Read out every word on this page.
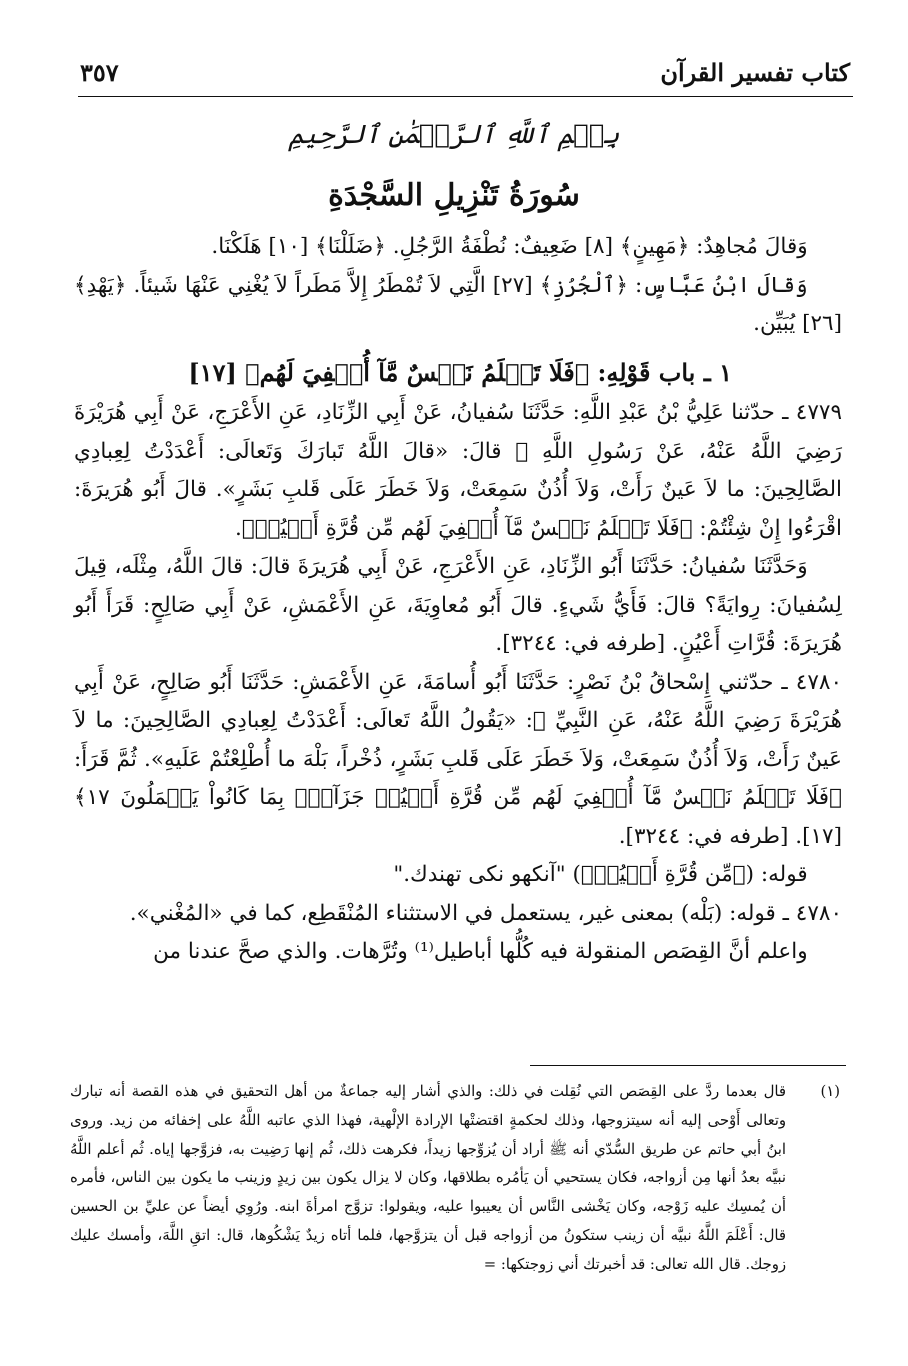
كتاب تفسير القرآن
٣٥٧
بِسۡمِ ٱللَّهِ ٱلرَّحۡمَٰنِ ٱلرَّحِيمِ
سُورَةُ تَنْزِيلِ السَّجْدَةِ

وَقالَ مُجاهِدٌ: ﴿مَهِينٍ﴾ [٨] ضَعِيفٌ: نُطْفَةُ الرَّجُلِ. ﴿ضَلَلْنَا﴾ [١٠] هَلَكْنَا.

وَقالَ ابْنُ عَبَّاسٍ: ﴿ٱلْجُرُزِ﴾ [٢٧] الَّتِي لاَ تُمْطَرُ إِلاَّ مَطَراً لاَ يُغْنِي عَنْهَا شَيئاً. ﴿يَهْدِ﴾ [٢٦] يُبَيِّن.

١ ـ باب قَوْلِهِ: ﴿فَلَا تَعۡلَمُ نَفۡسٌ مَّآ أُخۡفِيَ لَهُم﴾ [١٧]

٤٧٧٩ ـ حدّثنا عَلِيُّ بْنُ عَبْدِ اللَّهِ: حَدَّثَنَا سُفيانُ، عَنْ أَبِي الزِّنَادِ، عَنِ الأَعْرَجِ، عَنْ أَبِي هُرَيْرَةَ رَضِيَ اللَّهُ عَنْهُ، عَنْ رَسُولِ اللَّهِ ﷺ قالَ: «قالَ اللَّهُ تَبارَكَ وَتَعالَى: أَعْدَدْتُ لِعِبادِي الصَّالِحِينَ: ما لاَ عَينٌ رَأَتْ، وَلاَ أُذُنٌ سَمِعَتْ، وَلاَ خَطَرَ عَلَى قَلبِ بَشَرٍ». قالَ أَبُو هُرَيرَةَ: اقْرَءُوا إِنْ شِئْتُمْ: ﴿فَلَا تَعۡلَمُ نَفۡسٌ مَّآ أُخۡفِيَ لَهُم مِّن قُرَّةِ أَعۡيُنٖ﴾.

وَحَدَّثَنَا سُفيانُ: حَدَّثَنَا أَبُو الزِّنَادِ، عَنِ الأَعْرَجِ، عَنْ أَبِي هُرَيرَةَ قالَ: قالَ اللَّهُ، مِثْلَه، قِيلَ لِسُفيانَ: رِوايَةً؟ قالَ: فَأَيُّ شَيءٍ. قالَ أَبُو مُعاوِيَةَ، عَنِ الأَعْمَشِ، عَنْ أَبِي صَالِحٍ: قَرَأَ أَبُو هُرَيرَةَ: قُرَّاتِ أَعْيُنٍ. [طرفه في: ٣٢٤٤].

٤٧٨٠ ـ حدّثني إِسْحاقُ بْنُ نَصْرٍ: حَدَّثَنَا أَبُو أُسامَةَ، عَنِ الأَعْمَشِ: حَدَّثَنَا أَبُو صَالِحٍ، عَنْ أَبِي هُرَيْرَةَ رَضِيَ اللَّهُ عَنْهُ، عَنِ النَّبِيِّ ﷺ: «يَقُولُ اللَّهُ تَعالَى: أَعْدَدْتُ لِعِبادِي الصَّالِحِينَ: ما لاَ عَينٌ رَأَتْ، وَلاَ أُذُنٌ سَمِعَتْ، وَلاَ خَطَرَ عَلَى قَلبِ بَشَرٍ، ذُخْراً، بَلْهَ ما أُطْلِعْتُمْ عَلَيهِ». ثُمَّ قَرَأَ: ﴿فَلَا تَعۡلَمُ نَفۡسٌ مَّآ أُخۡفِيَ لَهُم مِّن قُرَّةِ أَعۡيُنٖ جَزَآءَۢ بِمَا كَانُواْ يَعۡمَلُونَ ١٧﴾ [١٧]. [طرفه في: ٣٢٤٤].

قوله: (﴿مِّن قُرَّةِ أَعۡيُنٖ﴾) "آنكهو نكى تهندك."

٤٧٨٠ ـ قوله: (بَلْه) بمعنى غير، يستعمل في الاستثناء المُنْقَطِع، كما في «المُغْني».

واعلم أنَّ القِصَص المنقولة فيه كُلُّها أباطيل⁽¹⁾ وتُرَّهات. والذي صحَّ عندنا من

(١)
قال بعدما ردَّ على القِصَص التي نُقِلت في ذلك: والذي أشار إليه جماعةٌ من أهل التحقيق في هذه القصة أنه تبارك وتعالى أَوْحى إليه أنه سيتزوجها، وذلك لحكمةٍ اقتضتْها الإرادة الإلْهية، فهذا الذي عاتبه اللَّهُ على إخفائه من زيد. وروى ابنُ أبي حاتم عن طريق السُّدّي أنه ﷺ أراد أن يُزوِّجها زيداً، فكرهت ذلك، ثُم إنها رَضِيت به، فزوَّجها إياه. ثُم أعلم اللَّهُ نبيَّه بعدُ أنها مِن أزواجه، فكان يستحيي أن يَأمُره بطلاقها، وكان لا يزال يكون بين زيدٍ وزينب ما يكون بين الناس، فأمره أن يُمسِك عليه زَوْجه، وكان يَخْشى النَّاس أن يعيبوا عليه، ويقولوا: تزوَّج امرأةَ ابنه. ورُوِي أيضاً عن عليِّ بن الحسين قال: أَعْلَمَ اللَّهُ نبيَّه أن زينب ستكونُ من أزواجه قبل أن يتزوَّجها، فلما أتاه زيدٌ يَشْكُوها، قال: اتقِ اللَّهَ، وأمسك عليك زوجك. قال الله تعالى: قد أخبرتك أني زوجتكها: =
